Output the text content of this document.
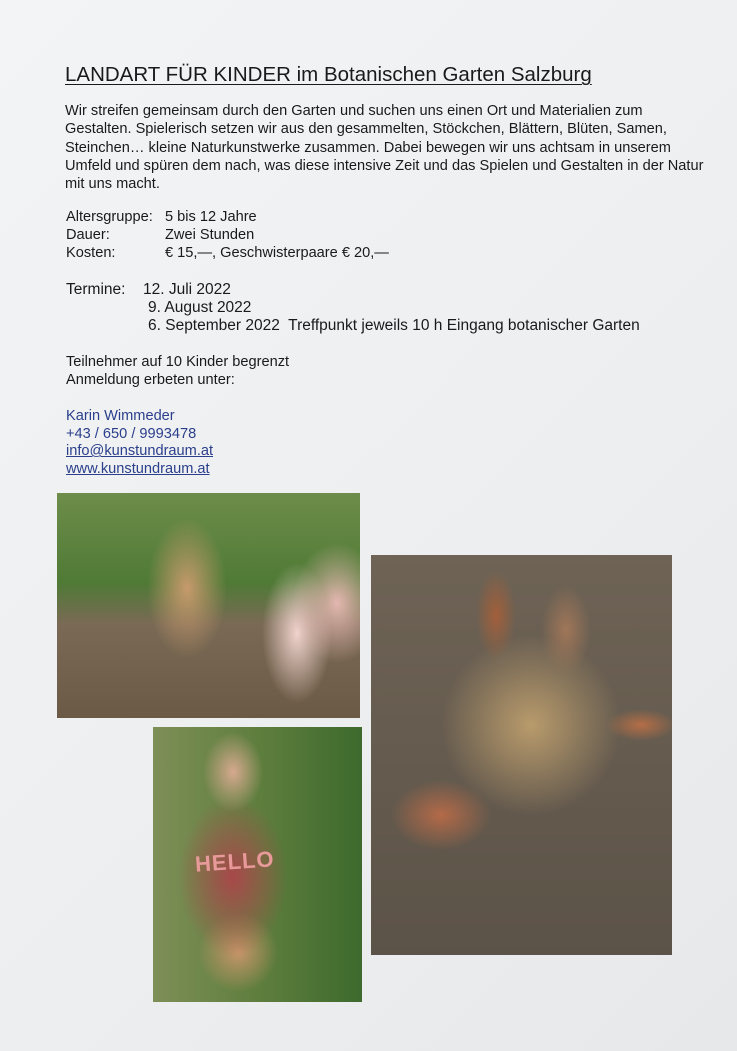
LANDART FÜR KINDER im Botanischen Garten Salzburg
Wir streifen gemeinsam durch den Garten und suchen uns einen Ort und Materialien zum Gestalten. Spielerisch setzen wir aus den gesammelten, Stöckchen, Blättern, Blüten, Samen, Steinchen… kleine Naturkunstwerke zusammen. Dabei bewegen wir uns achtsam in unserem Umfeld und spüren dem nach, was diese intensive Zeit und das Spielen und Gestalten in der Natur mit uns macht.
Altersgruppe: 5 bis 12 Jahre
Dauer:	Zwei Stunden
Kosten:	€ 15,—, Geschwisterpaare € 20,—
Termine: 12. Juli 2022
9. August 2022
6. September 2022  Treffpunkt jeweils 10 h Eingang botanischer Garten
Teilnehmer auf 10 Kinder begrenzt
Anmeldung erbeten unter:
Karin Wimmeder
+43 / 650 / 9993478
info@kunstundraum.at
www.kunstundraum.at
HELLO
